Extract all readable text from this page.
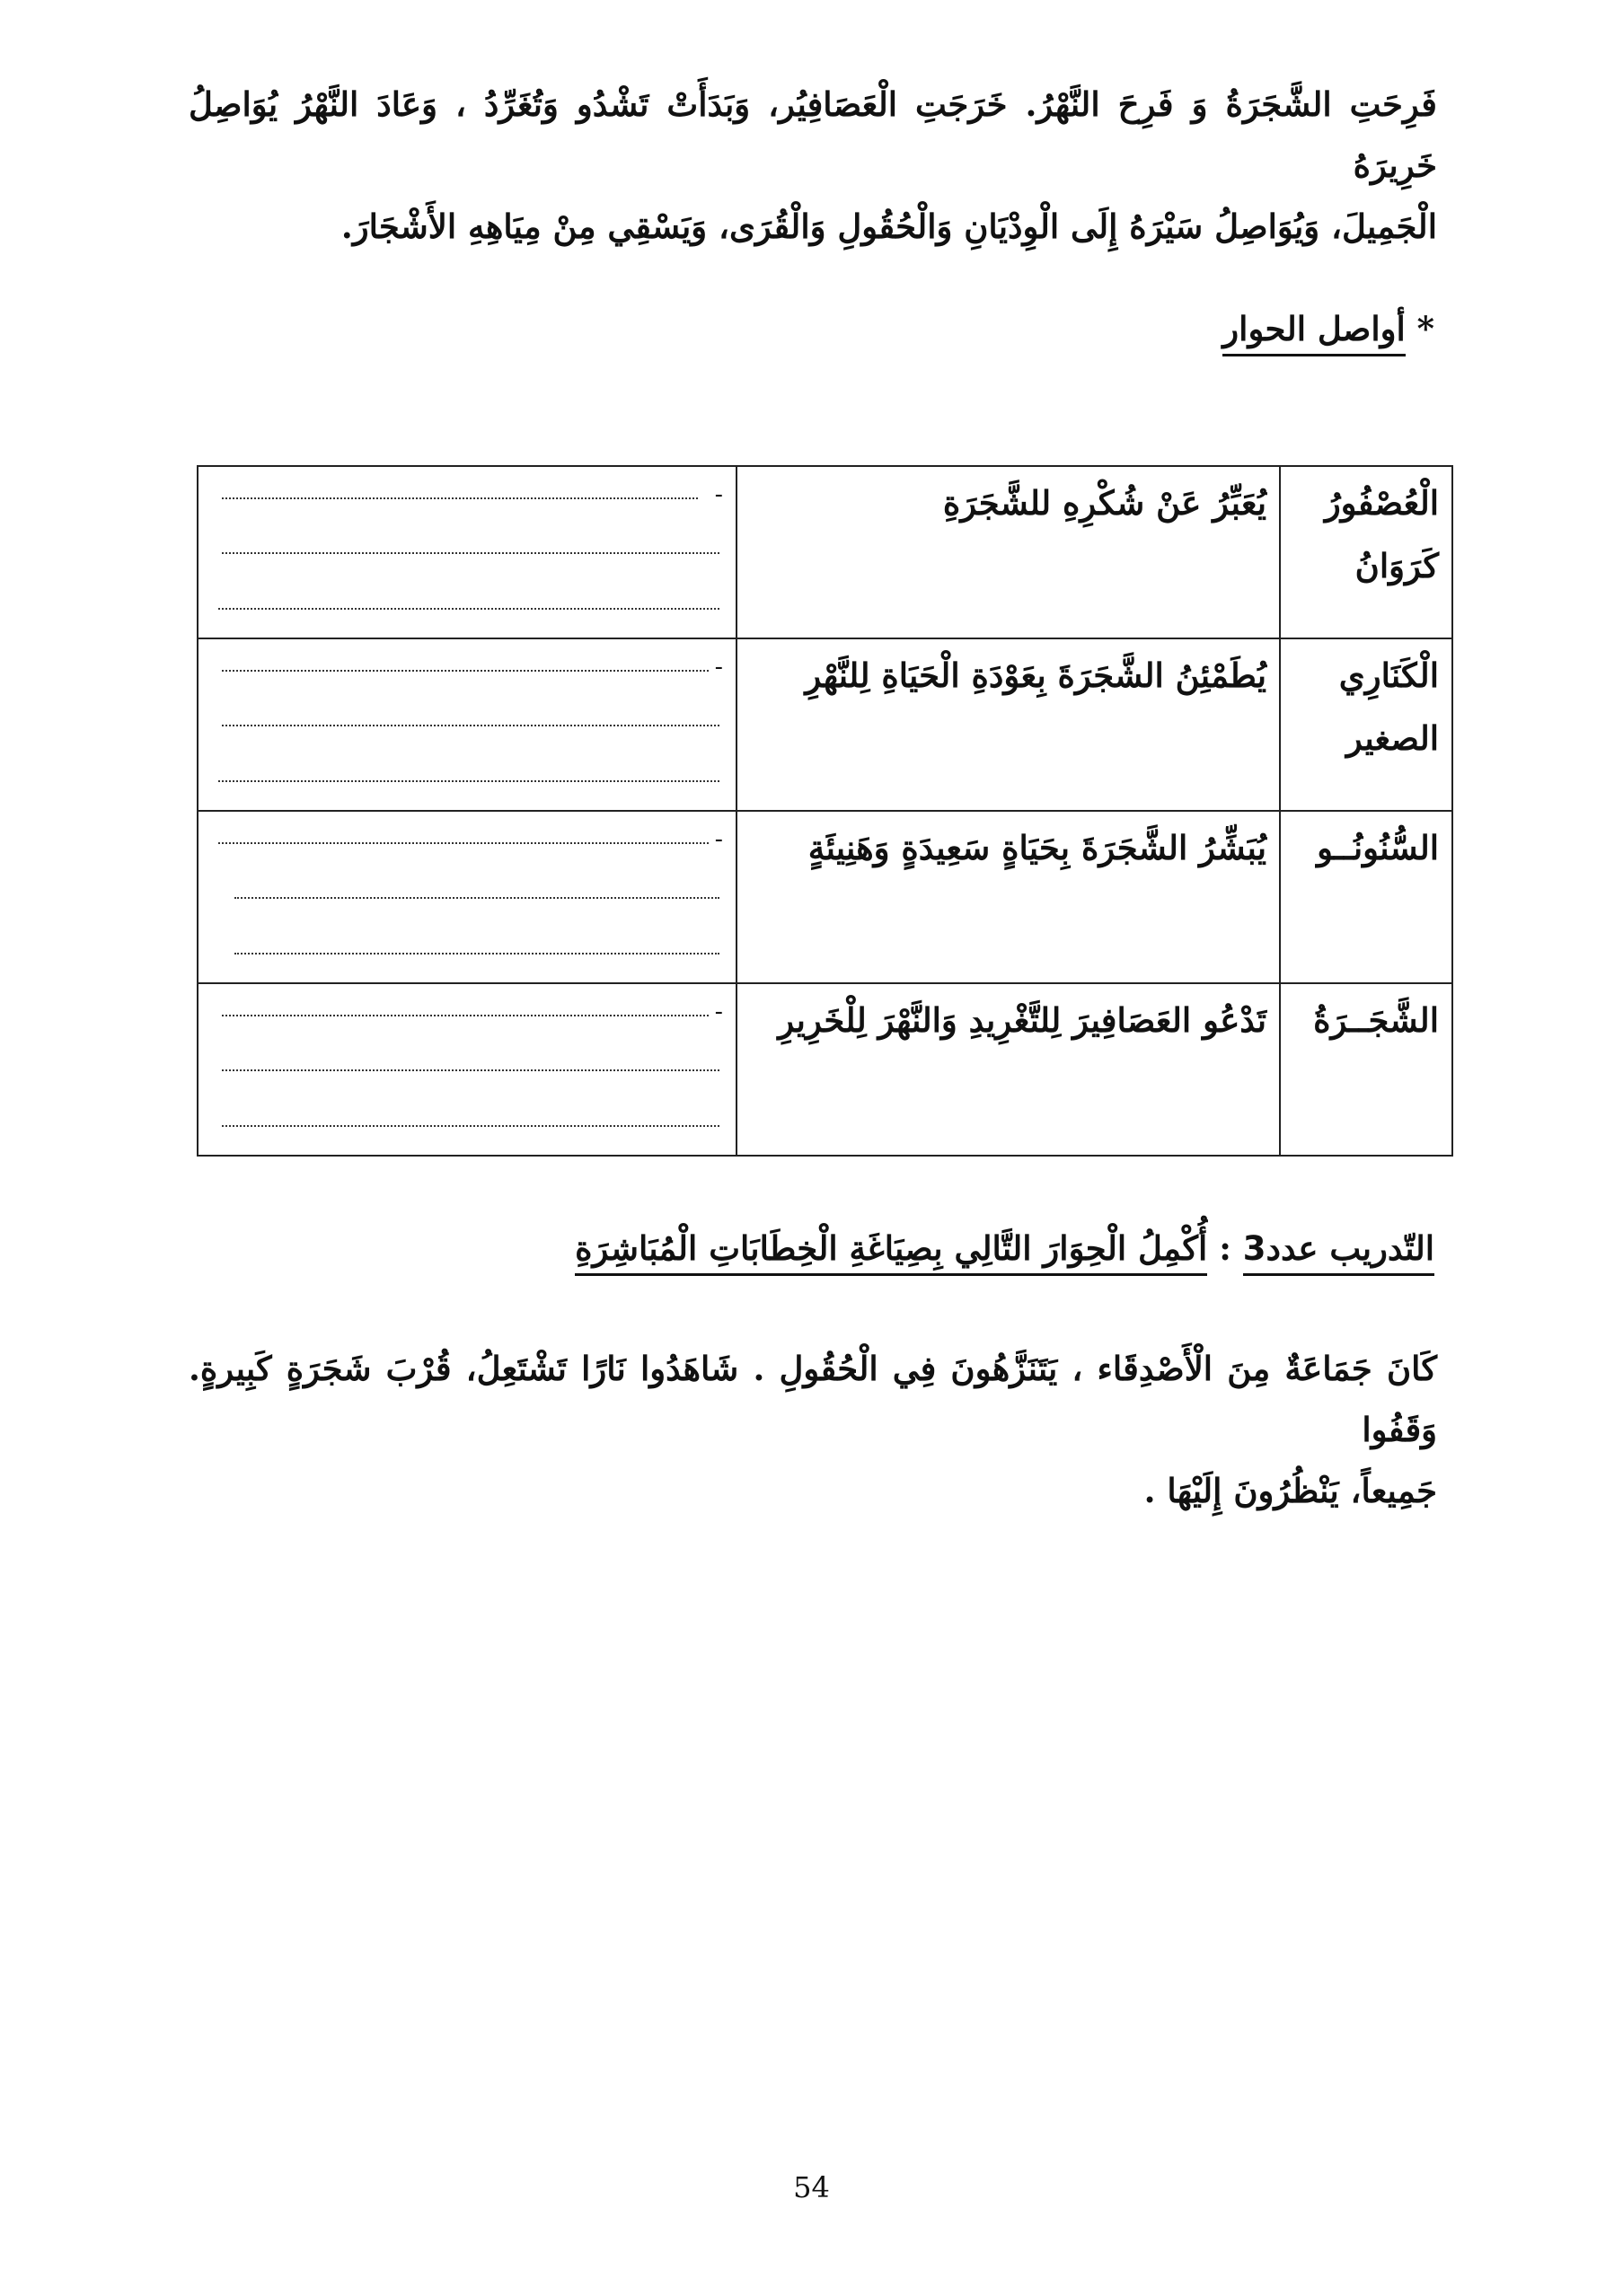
فَرِحَتِ الشَّجَرَةُ وَ فَرِحَ النَّهْرُ. خَرَجَتِ الْعَصَافِيُر، وَبَدَأَتْ تَشْدُو وَتُغَرِّدُ ، وَعَادَ النَّهْرُ يُوَاصِلُ خَرِيرَهُ
الْجَمِيلَ، وَيُوَاصِلُ سَيْرَهُ إِلَى الْوِدْيَانِ وَالْحُقُولِ وَالْقُرَى، وَيَسْقِي مِنْ مِيَاهِهِ الأَشْجَارَ.
* أواصل الحوار
الْعُصْفُورُ
كَرَوَانُ	يُعَبِّرُ عَنْ شُكْرِهِ للشَّجَرَةِ	-

الْكَنَارِي
الصغير	يُطَمْئِنُ الشَّجَرَةَ بِعَوْدَةِ الْحَيَاةِ لِلنَّهْرِ	-

السُّنُونُــو	يُبَشِّرُ الشَّجَرَةَ بِحَيَاةٍ سَعِيدَةٍ وَهَنِيئَةٍ	-

الشَّجَــرَةُ	تَدْعُو العَصَافِيرَ لِلتَّغْرِيدِ وَالنَّهْرَ لِلْخَرِيرِ	-
التّدريب عدد3 : أُكْمِلُ الْحِوَارَ التَّالِي بِصِيَاغَةِ الْخِطَابَاتِ الْمُبَاشِرَةِ
كَانَ جَمَاعَةٌ مِنَ الْأَصْدِقَاء ، يَتَنَزَّهُونَ فِي الْحُقُولِ . شَاهَدُوا نَارًا تَشْتَعِلُ، قُرْبَ شَجَرَةٍ كَبِيرةٍ. وَقَفُوا
جَمِيعاً، يَنْظُرُونَ إِلَيْهَا .
54
